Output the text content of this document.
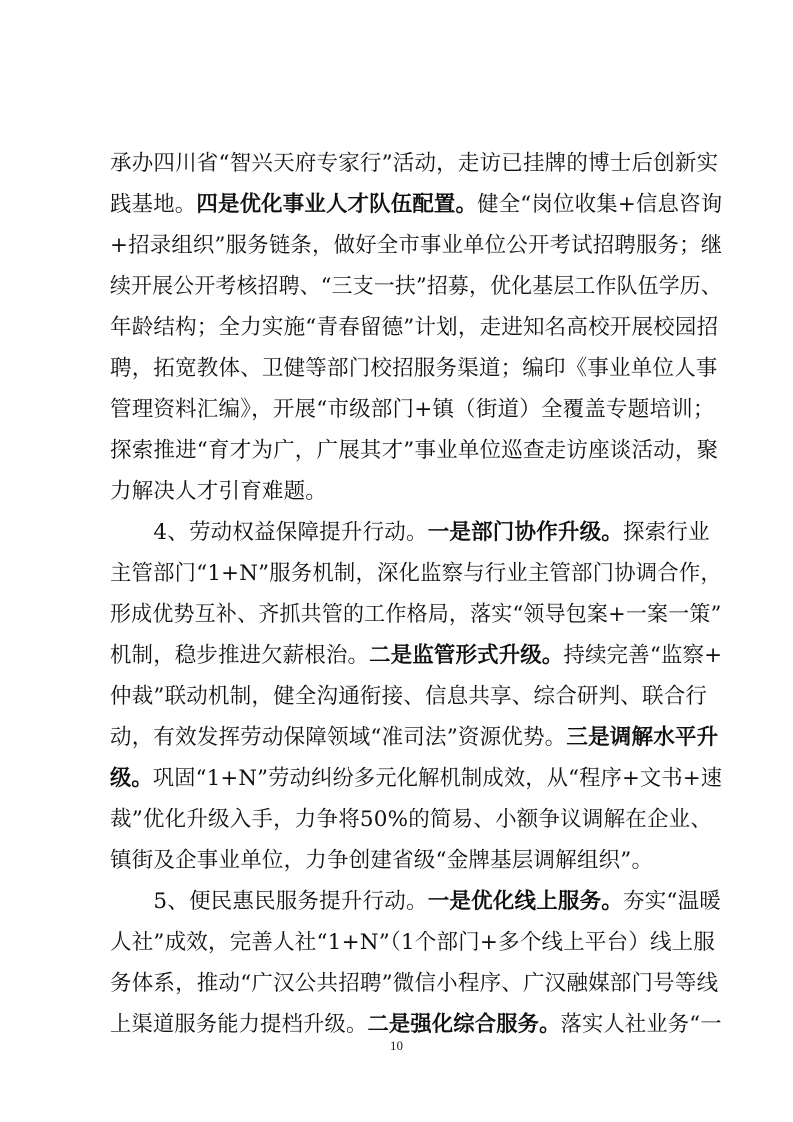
承办四川省“智兴天府专家行”活动，走访已挂牌的博士后创新实
践基地。四是优化事业人才队伍配置。健全“岗位收集+信息咨询
+招录组织”服务链条，做好全市事业单位公开考试招聘服务；继
续开展公开考核招聘、“三支一扶”招募，优化基层工作队伍学历、
年龄结构；全力实施“青春留德”计划，走进知名高校开展校园招
聘，拓宽教体、卫健等部门校招服务渠道；编印《事业单位人事
管理资料汇编》，开展“市级部门+镇（街道）全覆盖专题培训；
探索推进“育才为广，广展其才”事业单位巡查走访座谈活动，聚
力解决人才引育难题。
　　4、劳动权益保障提升行动。一是部门协作升级。探索行业
主管部门“1+N”服务机制，深化监察与行业主管部门协调合作，
形成优势互补、齐抓共管的工作格局，落实“领导包案+一案一策”
机制，稳步推进欠薪根治。二是监管形式升级。持续完善“监察+
仲裁”联动机制，健全沟通衔接、信息共享、综合研判、联合行
动，有效发挥劳动保障领域“准司法”资源优势。三是调解水平升
级。巩固“1+N”劳动纠纷多元化解机制成效，从“程序+文书+速
裁”优化升级入手，力争将50%的简易、小额争议调解在企业、
镇街及企事业单位，力争创建省级“金牌基层调解组织”。
　　5、便民惠民服务提升行动。一是优化线上服务。夯实“温暖
人社”成效，完善人社“1+N”（1个部门+多个线上平台）线上服
务体系，推动“广汉公共招聘”微信小程序、广汉融媒部门号等线
上渠道服务能力提档升级。二是强化综合服务。落实人社业务“一
10
